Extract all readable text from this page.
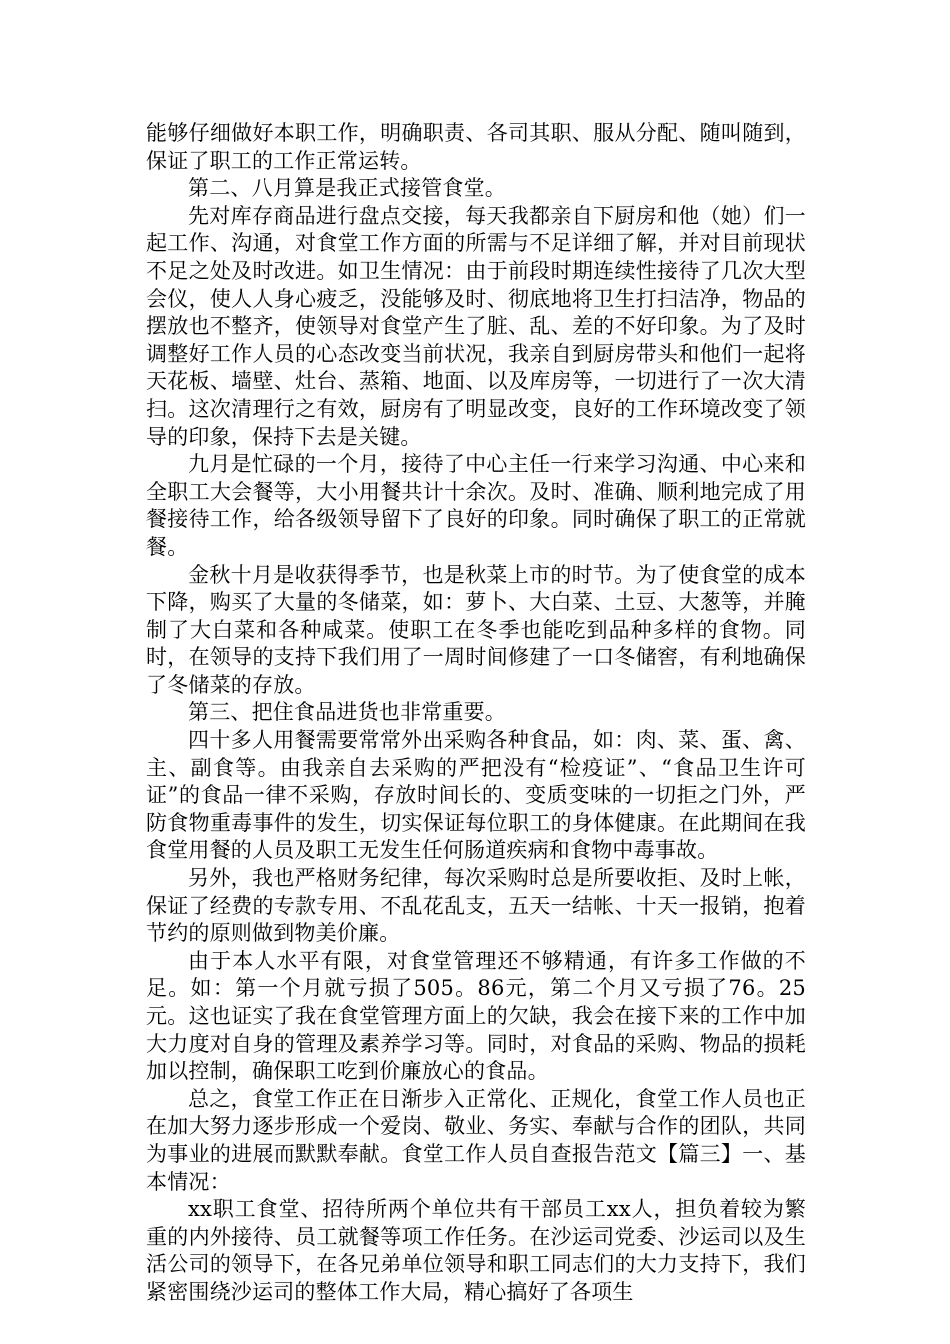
能够仔细做好本职工作，明确职责、各司其职、服从分配、随叫随到，保证了职工的工作正常运转。

第二、八月算是我正式接管食堂。

先对库存商品进行盘点交接，每天我都亲自下厨房和他（她）们一起工作、沟通，对食堂工作方面的所需与不足详细了解，并对目前现状不足之处及时改进。如卫生情况：由于前段时期连续性接待了几次大型会仪，使人人身心疲乏，没能够及时、彻底地将卫生打扫洁净，物品的摆放也不整齐，使领导对食堂产生了脏、乱、差的不好印象。为了及时调整好工作人员的心态改变当前状况，我亲自到厨房带头和他们一起将天花板、墙壁、灶台、蒸箱、地面、以及库房等，一切进行了一次大清扫。这次清理行之有效，厨房有了明显改变，良好的工作环境改变了领导的印象，保持下去是关键。

九月是忙碌的一个月，接待了中心主任一行来学习沟通、中心来和全职工大会餐等，大小用餐共计十余次。及时、准确、顺利地完成了用餐接待工作，给各级领导留下了良好的印象。同时确保了职工的正常就餐。

金秋十月是收获得季节，也是秋菜上市的时节。为了使食堂的成本下降，购买了大量的冬储菜，如：萝卜、大白菜、土豆、大葱等，并腌制了大白菜和各种咸菜。使职工在冬季也能吃到品种多样的食物。同时，在领导的支持下我们用了一周时间修建了一口冬储窖，有利地确保了冬储菜的存放。

第三、把住食品进货也非常重要。

四十多人用餐需要常常外出采购各种食品，如：肉、菜、蛋、禽、主、副食等。由我亲自去采购的严把没有“检疫证”、“食品卫生许可证”的食品一律不采购，存放时间长的、变质变味的一切拒之门外，严防食物重毒事件的发生，切实保证每位职工的身体健康。在此期间在我食堂用餐的人员及职工无发生任何肠道疾病和食物中毒事故。

另外，我也严格财务纪律，每次采购时总是所要收拒、及时上帐，保证了经费的专款专用、不乱花乱支，五天一结帐、十天一报销，抱着节约的原则做到物美价廉。

由于本人水平有限，对食堂管理还不够精通，有许多工作做的不足。如：第一个月就亏损了505。86元，第二个月又亏损了76。25元。这也证实了我在食堂管理方面上的欠缺，我会在接下来的工作中加大力度对自身的管理及素养学习等。同时，对食品的采购、物品的损耗加以控制，确保职工吃到价廉放心的食品。

总之，食堂工作正在日渐步入正常化、正规化，食堂工作人员也正在加大努力逐步形成一个爱岗、敬业、务实、奉献与合作的团队，共同为事业的进展而默默奉献。食堂工作人员自查报告范文【篇三】一、基本情况：

xx职工食堂、招待所两个单位共有干部员工xx人，担负着较为繁重的内外接待、员工就餐等项工作任务。在沙运司党委、沙运司以及生活公司的领导下，在各兄弟单位领导和职工同志们的大力支持下，我们紧密围绕沙运司的整体工作大局，精心搞好了各项生
